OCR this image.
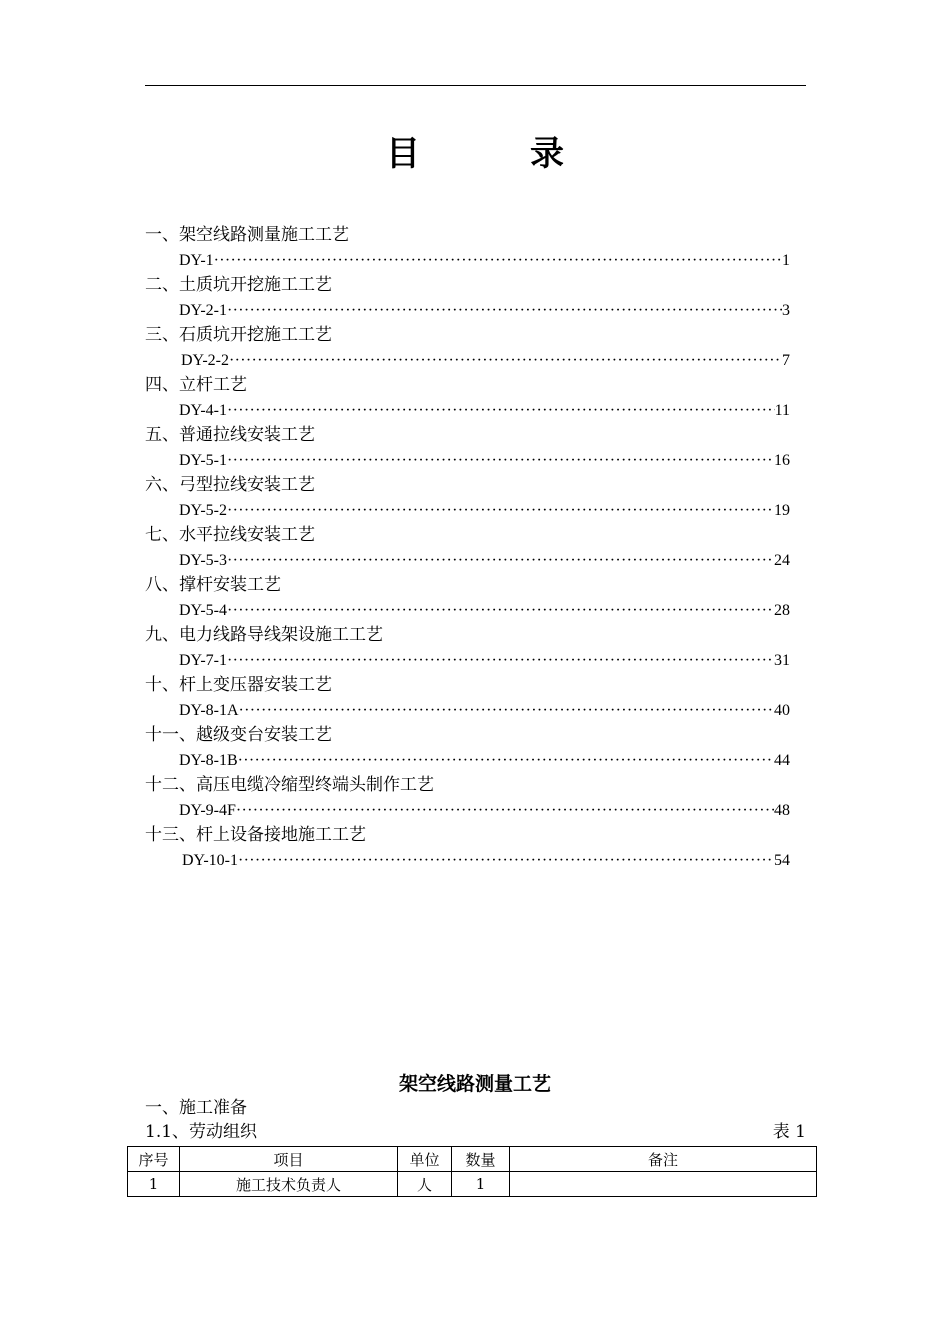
目　录
一、架空线路测量施工工艺
DY-1 ·····	1
二、土质坑开挖施工工艺
DY-2-1 ·····	3
三、石质坑开挖施工工艺
DY-2-2 ·····	7
四、立杆工艺
DY-4-1 ·····	11
五、普通拉线安装工艺
DY-5-1 ·····	16
六、弓型拉线安装工艺
DY-5-2 ·····	19
七、水平拉线安装工艺
DY-5-3 ·····	24
八、撑杆安装工艺
DY-5-4 ·····	28
九、电力线路导线架设施工工艺
DY-7-1 ·····	31
十、杆上变压器安装工艺
DY-8-1A ·····	40
十一、越级变台安装工艺
DY-8-1B ·····	44
十二、高压电缆冷缩型终端头制作工艺
DY-9-4F ·····	48
十三、杆上设备接地施工工艺
DY-10-1 ·····	54
架空线路测量工艺
一、施工准备
1.1、劳动组织	表 1
序号	项目	单位	数量	备注
1	施工技术负责人	人	1	
